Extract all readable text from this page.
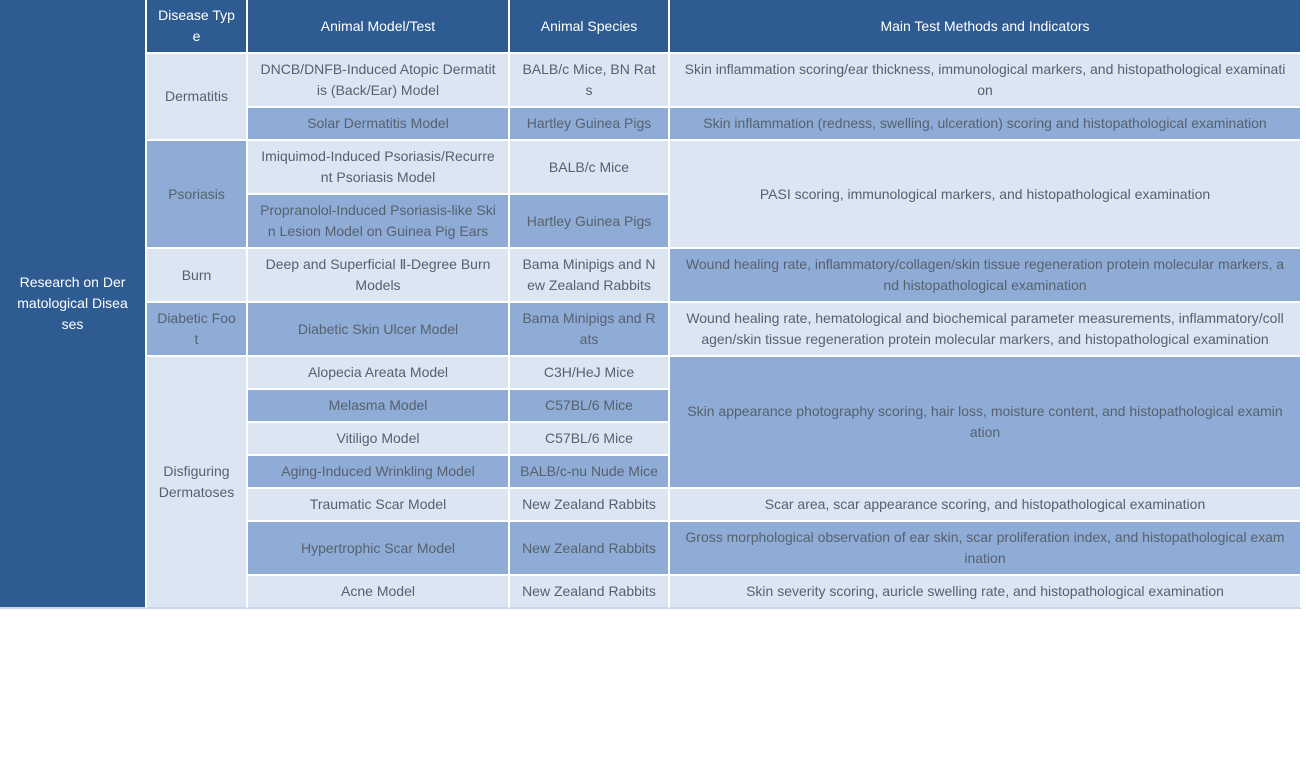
Research on Dermatological Diseases	Disease Type	Animal Model/Test	Animal Species	Main Test Methods and Indicators
	Dermatitis	DNCB/DNFB-Induced Atopic Dermatitis (Back/Ear) Model	BALB/c Mice, BN Rats	Skin inflammation scoring/ear thickness, immunological markers, and histopathological examination
		Solar Dermatitis Model	Hartley Guinea Pigs	Skin inflammation (redness, swelling, ulceration) scoring and histopathological examination
	Psoriasis	Imiquimod-Induced Psoriasis/Recurrent Psoriasis Model	BALB/c Mice	PASI scoring, immunological markers, and histopathological examination
		Propranolol-Induced Psoriasis-like Skin Lesion Model on Guinea Pig Ears	Hartley Guinea Pigs	
	Burn	Deep and Superficial Ⅱ-Degree Burn Models	Bama Minipigs and New Zealand Rabbits	Wound healing rate, inflammatory/collagen/skin tissue regeneration protein molecular markers, and histopathological examination
	Diabetic Foot	Diabetic Skin Ulcer Model	Bama Minipigs and Rats	Wound healing rate, hematological and biochemical parameter measurements, inflammatory/collagen/skin tissue regeneration protein molecular markers, and histopathological examination
	Disfiguring Dermatoses	Alopecia Areata Model	C3H/HeJ Mice	Skin appearance photography scoring, hair loss, moisture content, and histopathological examination
		Melasma Model	C57BL/6 Mice	
		Vitiligo Model	C57BL/6 Mice	
		Aging-Induced Wrinkling Model	BALB/c-nu Nude Mice	
		Traumatic Scar Model	New Zealand Rabbits	Scar area, scar appearance scoring, and histopathological examination
		Hypertrophic Scar Model	New Zealand Rabbits	Gross morphological observation of ear skin, scar proliferation index, and histopathological examination
		Acne Model	New Zealand Rabbits	Skin severity scoring, auricle swelling rate, and histopathological examination
